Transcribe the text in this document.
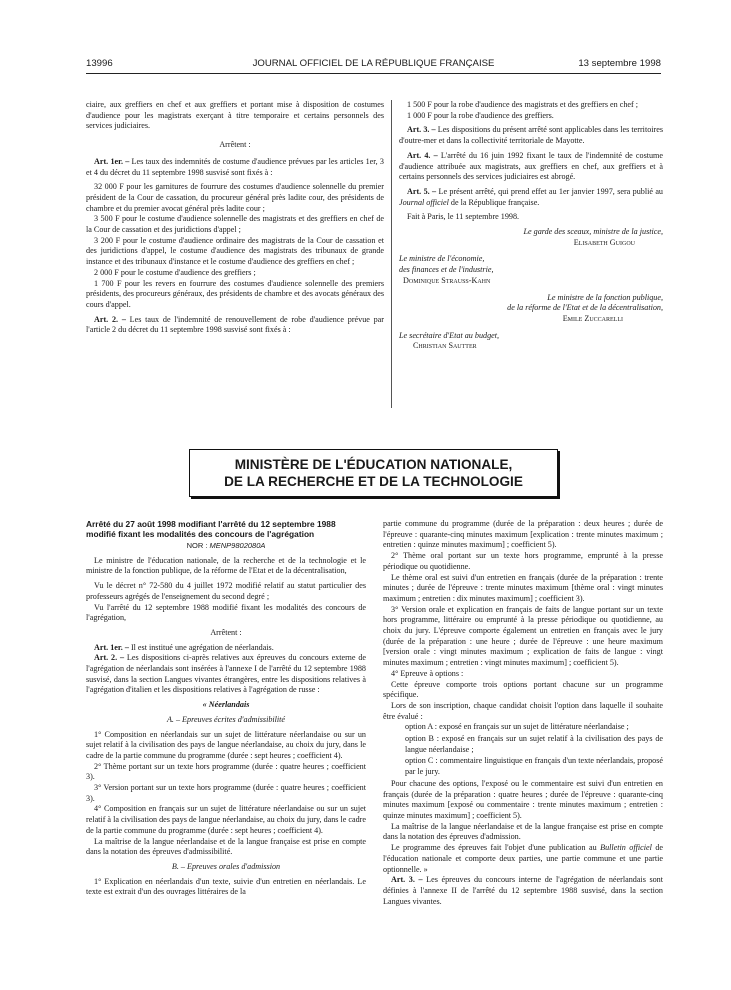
13996	JOURNAL OFFICIEL DE LA RÉPUBLIQUE FRANÇAISE	13 septembre 1998

ciaire, aux greffiers en chef et aux greffiers et portant mise à disposition de costumes d'audience pour les magistrats exerçant à titre temporaire et certains personnels des services judiciaires.

Arrêtent :

Art. 1er. – Les taux des indemnités de costume d'audience prévues par les articles 1er, 3 et 4 du décret du 11 septembre 1998 susvisé sont fixés à :

32 000 F pour les garnitures de fourrure des costumes d'audience solennelle du premier président de la Cour de cassation, du procureur général près ladite cour, des présidents de chambre et du premier avocat général près ladite cour ;

3 500 F pour le costume d'audience solennelle des magistrats et des greffiers en chef de la Cour de cassation et des juridictions d'appel ;

3 200 F pour le costume d'audience ordinaire des magistrats de la Cour de cassation et des juridictions d'appel, le costume d'audience des magistrats des tribunaux de grande instance et des tribunaux d'instance et le costume d'audience des greffiers en chef ;

2 000 F pour le costume d'audience des greffiers ;

1 700 F pour les revers en fourrure des costumes d'audience solennelle des premiers présidents, des procureurs généraux, des présidents de chambre et des avocats généraux des cours d'appel.

Art. 2. – Les taux de l'indemnité de renouvellement de robe d'audience prévue par l'article 2 du décret du 11 septembre 1998 susvisé sont fixés à :

1 500 F pour la robe d'audience des magistrats et des greffiers en chef ;

1 000 F pour la robe d'audience des greffiers.

Art. 3. – Les dispositions du présent arrêté sont applicables dans les territoires d'outre-mer et dans la collectivité territoriale de Mayotte.

Art. 4. – L'arrêté du 16 juin 1992 fixant le taux de l'indemnité de costume d'audience attribuée aux magistrats, aux greffiers en chef, aux greffiers et à certains personnels des services judiciaires est abrogé.

Art. 5. – Le présent arrêté, qui prend effet au 1er janvier 1997, sera publié au Journal officiel de la République française.

Fait à Paris, le 11 septembre 1998.

Le garde des sceaux, ministre de la justice,

Elisabeth Guigou

Le ministre de l'économie,

des finances et de l'industrie,

Dominique Strauss-Kahn

Le ministre de la fonction publique,

de la réforme de l'Etat et de la décentralisation,

Emile Zuccarelli

Le secrétaire d'Etat au budget,

Christian Sautter

MINISTÈRE DE L'ÉDUCATION NATIONALE,
DE LA RECHERCHE ET DE LA TECHNOLOGIE

Arrêté du 27 août 1998 modifiant l'arrêté du 12 septembre 1988 modifié fixant les modalités des concours de l'agrégation

NOR : MENP9802080A

Le ministre de l'éducation nationale, de la recherche et de la technologie et le ministre de la fonction publique, de la réforme de l'Etat et de la décentralisation,

Vu le décret n° 72-580 du 4 juillet 1972 modifié relatif au statut particulier des professeurs agrégés de l'enseignement du second degré ;

Vu l'arrêté du 12 septembre 1988 modifié fixant les modalités des concours de l'agrégation,

Arrêtent :

Art. 1er. – Il est institué une agrégation de néerlandais.

Art. 2. – Les dispositions ci-après relatives aux épreuves du concours externe de l'agrégation de néerlandais sont insérées à l'annexe I de l'arrêté du 12 septembre 1988 susvisé, dans la section Langues vivantes étrangères, entre les dispositions relatives à l'agrégation d'italien et les dispositions relatives à l'agrégation de russe :

« Néerlandais

A. – Epreuves écrites d'admissibilité

1° Composition en néerlandais sur un sujet de littérature néerlandaise ou sur un sujet relatif à la civilisation des pays de langue néerlandaise, au choix du jury, dans le cadre de la partie commune du programme (durée : sept heures ; coefficient 4).

2° Thème portant sur un texte hors programme (durée : quatre heures ; coefficient 3).

3° Version portant sur un texte hors programme (durée : quatre heures ; coefficient 3).

4° Composition en français sur un sujet de littérature néerlandaise ou sur un sujet relatif à la civilisation des pays de langue néerlandaise, au choix du jury, dans le cadre de la partie commune du programme (durée : sept heures ; coefficient 4).

La maîtrise de la langue néerlandaise et de la langue française est prise en compte dans la notation des épreuves d'admissibilité.

B. – Epreuves orales d'admission

1° Explication en néerlandais d'un texte, suivie d'un entretien en néerlandais. Le texte est extrait d'un des ouvrages littéraires de la

partie commune du programme (durée de la préparation : deux heures ; durée de l'épreuve : quarante-cinq minutes maximum [explication : trente minutes maximum ; entretien : quinze minutes maximum] ; coefficient 5).

2° Thème oral portant sur un texte hors programme, emprunté à la presse périodique ou quotidienne.

Le thème oral est suivi d'un entretien en français (durée de la préparation : trente minutes ; durée de l'épreuve : trente minutes maximum [thème oral : vingt minutes maximum ; entretien : dix minutes maximum] ; coefficient 3).

3° Version orale et explication en français de faits de langue portant sur un texte hors programme, littéraire ou emprunté à la presse périodique ou quotidienne, au choix du jury. L'épreuve comporte également un entretien en français avec le jury (durée de la préparation : une heure ; durée de l'épreuve : une heure maximum [version orale : vingt minutes maximum ; explication de faits de langue : vingt minutes maximum ; entretien : vingt minutes maximum] ; coefficient 5).

4° Epreuve à options :

Cette épreuve comporte trois options portant chacune sur un programme spécifique.

Lors de son inscription, chaque candidat choisit l'option dans laquelle il souhaite être évalué :

option A : exposé en français sur un sujet de littérature néerlandaise ;

option B : exposé en français sur un sujet relatif à la civilisation des pays de langue néerlandaise ;

option C : commentaire linguistique en français d'un texte néerlandais, proposé par le jury.

Pour chacune des options, l'exposé ou le commentaire est suivi d'un entretien en français (durée de la préparation : quatre heures ; durée de l'épreuve : quarante-cinq minutes maximum [exposé ou commentaire : trente minutes maximum ; entretien : quinze minutes maximum] ; coefficient 5).

La maîtrise de la langue néerlandaise et de la langue française est prise en compte dans la notation des épreuves d'admission.

Le programme des épreuves fait l'objet d'une publication au Bulletin officiel de l'éducation nationale et comporte deux parties, une partie commune et une partie optionnelle. »

Art. 3. – Les épreuves du concours interne de l'agrégation de néerlandais sont définies à l'annexe II de l'arrêté du 12 septembre 1988 susvisé, dans la section Langues vivantes.
